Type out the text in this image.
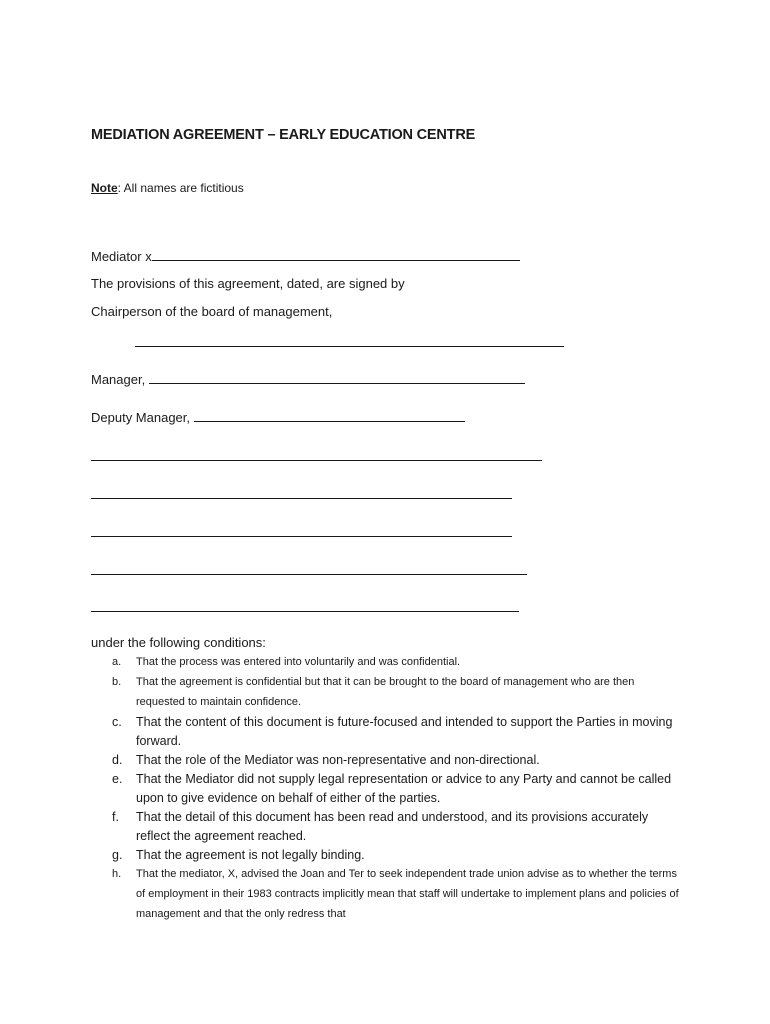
MEDIATION AGREEMENT – EARLY EDUCATION CENTRE
Note: All names are fictitious
Mediator x
The provisions of this agreement, dated, are signed by
Chairperson of the board of management,
Manager,
Deputy Manager,
under the following conditions:
a.	That the process was entered into voluntarily and was confidential.
b.	That the agreement is confidential but that it can be brought to the board of management who are then requested to maintain confidence.
c.	That the content of this document is future-focused and intended to support the Parties in moving forward.
d.	That the role of the Mediator was non-representative and non-directional.
e.	That the Mediator did not supply legal representation or advice to any Party and cannot be called upon to give evidence on behalf of either of the parties.
f.	That the detail of this document has been read and understood, and its provisions accurately reflect the agreement reached.
g.	That the agreement is not legally binding.
h.	That the mediator, X, advised the Joan and Ter to seek independent trade union advise as to whether the terms of employment in their 1983 contracts implicitly mean that staff will undertake to implement plans and policies of management and that the only redress that
